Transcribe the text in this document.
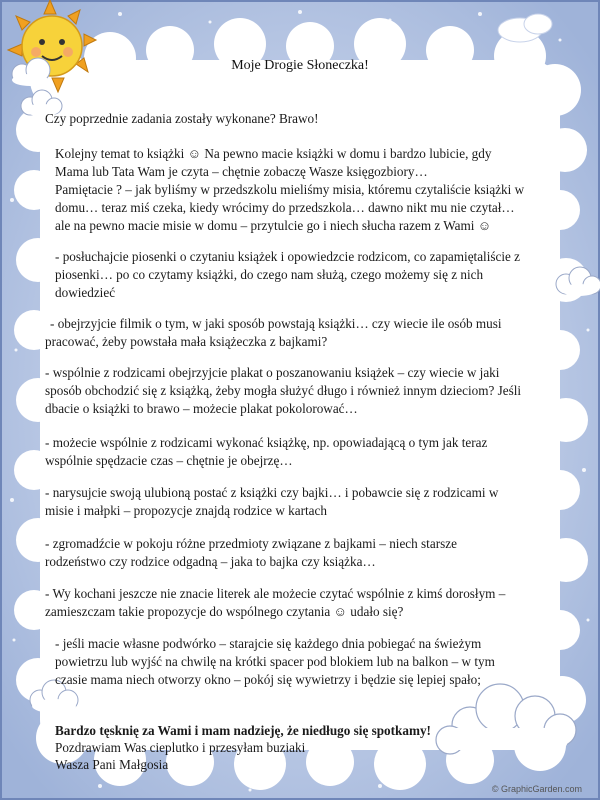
Moje Drogie Słoneczka!
Czy poprzednie zadania zostały wykonane? Brawo!
Kolejny temat to książki ☺ Na pewno macie książki w domu i bardzo lubicie, gdy
Mama lub Tata Wam je czyta – chętnie zobaczę Wasze księgozbiory…
Pamiętacie ? – jak byliśmy w przedszkolu mieliśmy misia, któremu czytaliście książki w
domu… teraz miś czeka, kiedy wrócimy do przedszkola… dawno nikt mu nie czytał…
ale na pewno macie misie w domu – przytulcie go i niech słucha razem z Wami ☺
- posłuchajcie piosenki o czytaniu książek i opowiedzcie rodzicom, co zapamiętaliście z
piosenki… po co czytamy książki, do czego nam służą, czego możemy się z nich
dowiedzieć
- obejrzyjcie filmik o tym, w jaki sposób powstają książki… czy wiecie ile osób musi
pracować, żeby powstała mała książeczka z bajkami?
- wspólnie z rodzicami obejrzyjcie plakat o poszanowaniu książek – czy wiecie w jaki
sposób obchodzić się z książką, żeby mogła służyć długo i również innym dzieciom? Jeśli
dbacie o książki to brawo – możecie plakat pokolorować…
- możecie wspólnie z rodzicami wykonać książkę, np. opowiadającą o tym jak teraz
wspólnie spędzacie czas – chętnie je obejrzę…
- narysujcie swoją ulubioną postać z książki czy bajki… i pobawcie się z rodzicami w
misie i małpki – propozycje znajdą rodzice w kartach
- zgromadźcie w pokoju różne przedmioty związane z bajkami – niech starsze
rodzeństwo czy rodzice odgadną – jaka to bajka czy książka…
- Wy kochani jeszcze nie znacie literek ale możecie czytać wspólnie z kimś dorosłym –
zamieszczam takie propozycje do wspólnego czytania ☺ udało się?
- jeśli macie własne podwórko – starajcie się każdego dnia pobiegać na świeżym
powietrzu lub wyjść na chwilę na krótki spacer pod blokiem lub na balkon – w tym
czasie mama niech otworzy okno – pokój się wywietrzy i będzie się lepiej spało;
Bardzo tęsknię za Wami i mam nadzieję, że niedługo się spotkamy!
Pozdrawiam Was cieplutko i przesyłam buziaki
Wasza Pani Małgosia
© GraphicGarden.com
